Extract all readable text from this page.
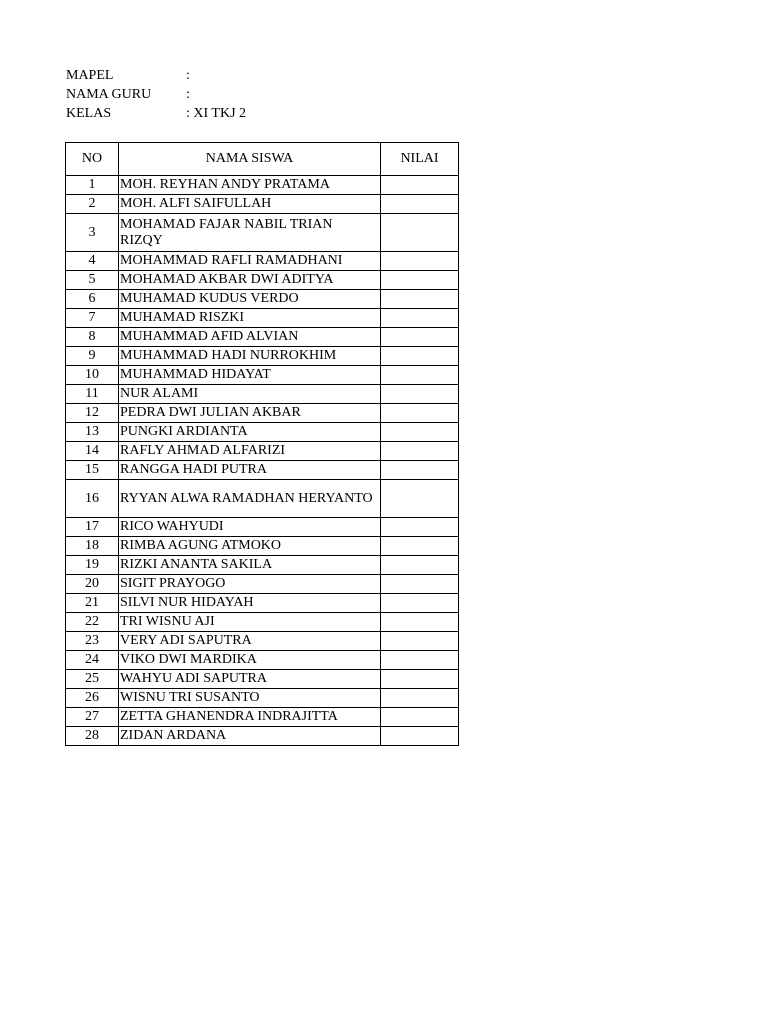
MAPEL	:
NAMA GURU :
KELAS	: XI TKJ 2
NO	NAMA SISWA	NILAI
1	MOH. REYHAN ANDY PRATAMA	
2	MOH. ALFI SAIFULLAH	
3	MOHAMAD FAJAR NABIL TRIAN RIZQY	
4	MOHAMMAD RAFLI RAMADHANI	
5	MOHAMAD AKBAR DWI ADITYA	
6	MUHAMAD KUDUS VERDO	
7	MUHAMAD RISZKI	
8	MUHAMMAD AFID ALVIAN	
9	MUHAMMAD HADI NURROKHIM	
10	MUHAMMAD HIDAYAT	
11	NUR ALAMI	
12	PEDRA DWI JULIAN AKBAR	
13	PUNGKI ARDIANTA	
14	RAFLY AHMAD ALFARIZI	
15	RANGGA HADI PUTRA	
16	RYYAN ALWA RAMADHAN HERYANTO	
17	RICO WAHYUDI	
18	RIMBA AGUNG ATMOKO	
19	RIZKI ANANTA SAKILA	
20	SIGIT PRAYOGO	
21	SILVI NUR HIDAYAH	
22	TRI WISNU AJI	
23	VERY ADI SAPUTRA	
24	VIKO DWI MARDIKA	
25	WAHYU ADI SAPUTRA	
26	WISNU TRI SUSANTO	
27	ZETTA GHANENDRA INDRAJITTA	
28	ZIDAN ARDANA	
